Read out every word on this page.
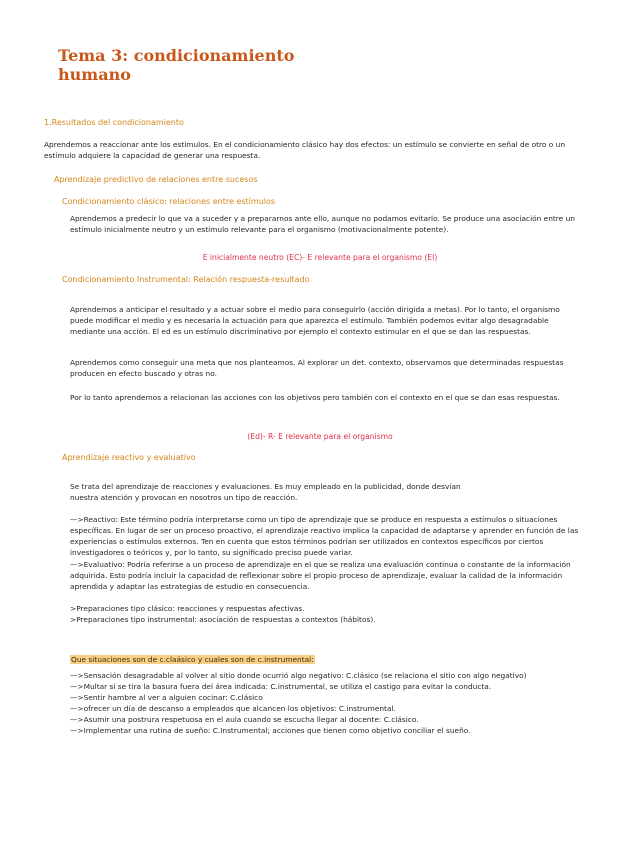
Tema 3: condicionamiento humano

1.Resultados del condicionamiento

Aprendemos a reaccionar ante los estímulos. En el condicionamiento clásico hay dos efectos: un estímulo se convierte en señal de otro o un estímulo adquiere la capacidad de generar una respuesta.

Aprendizaje predictivo de relaciones entre sucesos

Condicionamiento clásico: relaciones entre estímulos

Aprendemos a predecir lo que va a suceder y a prepararnos ante ello, aunque no podamos evitarlo. Se produce una asociación entre un estímulo inicialmente neutro y un estímulo relevante para el organismo (motivacionalmente potente).

E inicialmente neutro (EC)- E relevante para el organismo (EI)

Condicionamiento Instrumental: Relación respuesta-resultado

Aprendemos a anticipar el resultado y a actuar sobre el medio para conseguirlo (acción dirigida a metas). Por lo tanto, el organismo puede modificar el medio y es necesaria la actuación para que aparezca el estímulo. También podemos evitar algo desagradable mediante una acción. El ed es un estímulo discriminativo por ejemplo el contexto estimular en el que se dan las respuestas.

Aprendemos como conseguir una meta que nos planteamos. Al explorar un det. contexto, observamos que determinadas respuestas producen en efecto buscado y otras no.

Por lo tanto aprendemos a relacionan las acciones con los objetivos pero también con el contexto en el que se dan esas respuestas.

(Ed)- R- E relevante para el organismo

Aprendizaje reactivo y evaluativo

Se trata del aprendizaje de reacciones y evaluaciones. Es muy empleado en la publicidad, donde desvían

nuestra atención y provocan en nosotros un tipo de reacción.

—>Reactivo: Este término podría interpretarse como un tipo de aprendizaje que se produce en respuesta a estímulos o situaciones específicas. En lugar de ser un proceso proactivo, el aprendizaje reactivo implica la capacidad de adaptarse y aprender en función de las experiencias o estímulos externos. Ten en cuenta que estos términos podrían ser utilizados en contextos específicos por ciertos investigadores o teóricos y, por lo tanto, su significado preciso puede variar.

—>Evaluativo: Podría referirse a un proceso de aprendizaje en el que se realiza una evaluación continua o constante de la información adquirida. Esto podría incluir la capacidad de reflexionar sobre el propio proceso de aprendizaje, evaluar la calidad de la información aprendida y adaptar las estrategias de estudio en consecuencia.

>Preparaciones tipo clásico: reacciones y respuestas afectivas.

>Preparaciones tipo instrumental: asociación de respuestas a contextos (hábitos).

Que situaciones son de c.claásico y cuales son de c.instrumental:

—>Sensación desagradable al volver al sitio donde ocurrió algo negativo: C.clásico (se relaciona el sitio con algo negativo)

—>Multar si se tira la basura fuera del área indicada: C.instrumental, se utiliza el castigo para evitar la conducta.

—>Sentir hambre al ver a alguien cocinar: C.clásico

—>ofrecer un día de descanso a empleados que alcancen los objetivos: C.instrumental.

—>Asumir una postrura respetuosa en el aula cuando se escucha llegar al docente: C.clásico.

—>Implementar una rutina de sueño: C.Instrumental; acciones que tienen como objetivo conciliar el sueño.
